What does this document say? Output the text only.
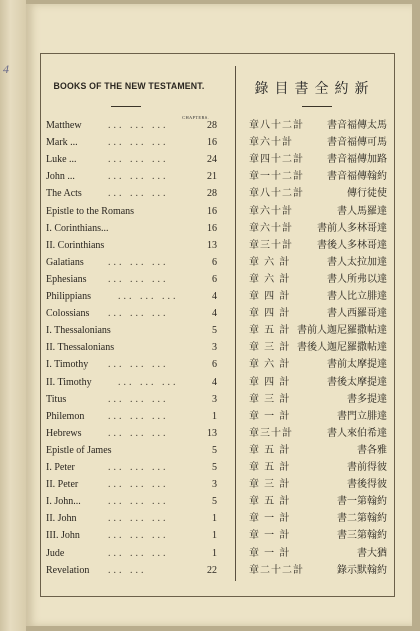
4
BOOKS OF THE NEW TESTAMENT.	錄目書全約新
CHAPTERS.
Matthew	... ... ...	28	章八十二計 書音福傳太馬
Mark ...	... ... ...	16	章六十計	書音福傳可馬
Luke ...	... ... ...	24	章四十二計 書音福傳加路
John ...	... ... ...	21	章一十二計 書音福傳翰約
The Acts	... ... ...	28	章八十二計	傳行徒使
Epistle to the Romans	16	章六十計	書人馬羅達
I. Corinthians...	16	章六十計 書前人多林哥達
II. Corinthians	13	章三十計 書後人多林哥達
Galatians ... ... ...	6	章 六 計	書人太拉加達
Ephesians ... ... ...	6	章 六 計	書人所弗以達
Philippians	... ... ...	4	章 四 計	書人比立腓達
Colossians ... ... ...	4	章 四 計	書人西羅哥達
I. Thessalonians	5	章 五 計 書前人迦尼羅撒帖達
II. Thessalonians	3	章 三 計 書後人迦尼羅撒帖達
I. Timothy ... ... ...	6	章 六 計	書前太摩提達
II. Timothy	... ... ...	4	章 四 計	書後太摩提達
Titus	... ... ...	3	章 三 計	書多提達
Philemon ... ... ...	1	章 一 計	書門立腓達
Hebrews	... ... ...	13	章三十計	書人來伯希達
Epistle of James	5	章 五 計	書各雅
I. Peter	... ... ...	5	章 五 計	書前得彼
II. Peter	... ... ...	3	章 三 計	書後得彼
I. John...	... ... ...	5	章 五 計	書一第翰約
II. John	... ... ...	1	章 一 計	書二第翰約
III. John	... ... ...	1	章 一 計	書三第翰約
Jude	... ... ...	1	章 一 計	書大猶
Revelation ... ...	22	章二十二計	錄示默翰約
